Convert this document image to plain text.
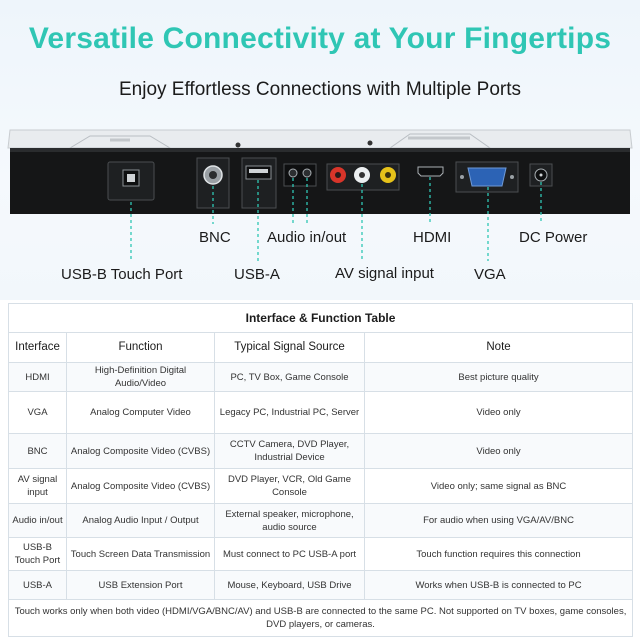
Versatile Connectivity at Your Fingertips
Enjoy Effortless Connections with Multiple Ports
BNC Audio in/out	HDMI	DC Power
USB-B Touch Port	USB-A	AV signal input	VGA
Interface & Function Table			
Interface	Function	Typical Signal Source	Note
HDMI	High-Definition Digital Audio/Video	PC, TV Box, Game Console	Best picture quality
VGA	Analog Computer Video	Legacy PC, Industrial PC, Server	Video only
BNC	Analog Composite Video (CVBS)	CCTV Camera, DVD Player, Industrial Device	Video only
AV signal input	Analog Composite Video (CVBS)	DVD Player, VCR, Old Game Console	Video only; same signal as BNC
Audio in/out	Analog Audio Input / Output	External speaker, microphone, audio source	For audio when using VGA/AV/BNC
USB-B Touch Port	Touch Screen Data Transmission	Must connect to PC USB-A port	Touch function requires this connection
USB-A	USB Extension Port	Mouse, Keyboard, USB Drive	Works when USB-B is connected to PC
Touch works only when both video (HDMI/VGA/BNC/AV) and USB-B are connected to the same PC. Not supported on TV boxes, game consoles, DVD players, or cameras.			
